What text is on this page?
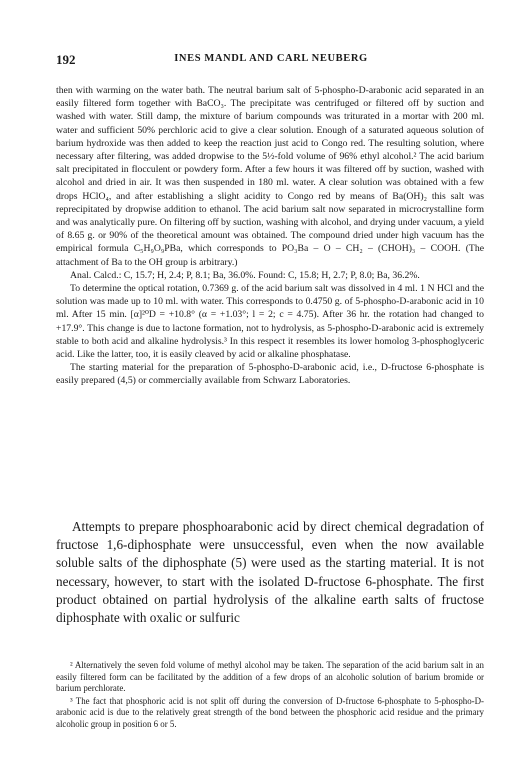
192	INES MANDL AND CARL NEUBERG

then with warming on the water bath. The neutral barium salt of 5-phospho-D-arabonic acid separated in an easily filtered form together with BaCO₃. The precipitate was centrifuged or filtered off by suction and washed with water. Still damp, the mixture of barium compounds was triturated in a mortar with 200 ml. water and sufficient 50% perchloric acid to give a clear solution. Enough of a saturated aqueous solution of barium hydroxide was then added to keep the reaction just acid to Congo red. The resulting solution, where necessary after filtering, was added dropwise to the 5½-fold volume of 96% ethyl alcohol.² The acid barium salt precipitated in flocculent or powdery form. After a few hours it was filtered off by suction, washed with alcohol and dried in air. It was then suspended in 180 ml. water. A clear solution was obtained with a few drops HClO₄, and after establishing a slight acidity to Congo red by means of Ba(OH)₂ this salt was reprecipitated by dropwise addition to ethanol. The acid barium salt now separated in microcrystalline form and was analytically pure. On filtering off by suction, washing with alcohol, and drying under vacuum, a yield of 8.65 g. or 90% of the theoretical amount was obtained. The compound dried under high vacuum has the empirical formula C₅H₉O₉PBa, which corresponds to PO₃Ba – O – CH₂ – (CHOH)₃ – COOH. (The attachment of Ba to the OH group is arbitrary.)

Anal. Calcd.: C, 15.7; H, 2.4; P, 8.1; Ba, 36.0%. Found: C, 15.8; H, 2.7; P, 8.0; Ba, 36.2%.

To determine the optical rotation, 0.7369 g. of the acid barium salt was dissolved in 4 ml. 1 N HCl and the solution was made up to 10 ml. with water. This corresponds to 0.4750 g. of 5-phospho-D-arabonic acid in 10 ml. After 15 min. [α]²⁰D = +10.8° (α = +1.03°; l = 2; c = 4.75). After 36 hr. the rotation had changed to +17.9°. This change is due to lactone formation, not to hydrolysis, as 5-phospho-D-arabonic acid is extremely stable to both acid and alkaline hydrolysis.³ In this respect it resembles its lower homolog 3-phosphoglyceric acid. Like the latter, too, it is easily cleaved by acid or alkaline phosphatase.

The starting material for the preparation of 5-phospho-D-arabonic acid, i.e., D-fructose 6-phosphate is easily prepared (4,5) or commercially available from Schwarz Laboratories.

Attempts to prepare phosphoarabonic acid by direct chemical degradation of fructose 1,6-diphosphate were unsuccessful, even when the now available soluble salts of the diphosphate (5) were used as the starting material. It is not necessary, however, to start with the isolated D-fructose 6-phosphate. The first product obtained on partial hydrolysis of the alkaline earth salts of fructose diphosphate with oxalic or sulfuric

² Alternatively the seven fold volume of methyl alcohol may be taken. The separation of the acid barium salt in an easily filtered form can be facilitated by the addition of a few drops of an alcoholic solution of barium bromide or barium perchlorate.

³ The fact that phosphoric acid is not split off during the conversion of D-fructose 6-phosphate to 5-phospho-D-arabonic acid is due to the relatively great strength of the bond between the phosphoric acid residue and the primary alcoholic group in position 6 or 5.
